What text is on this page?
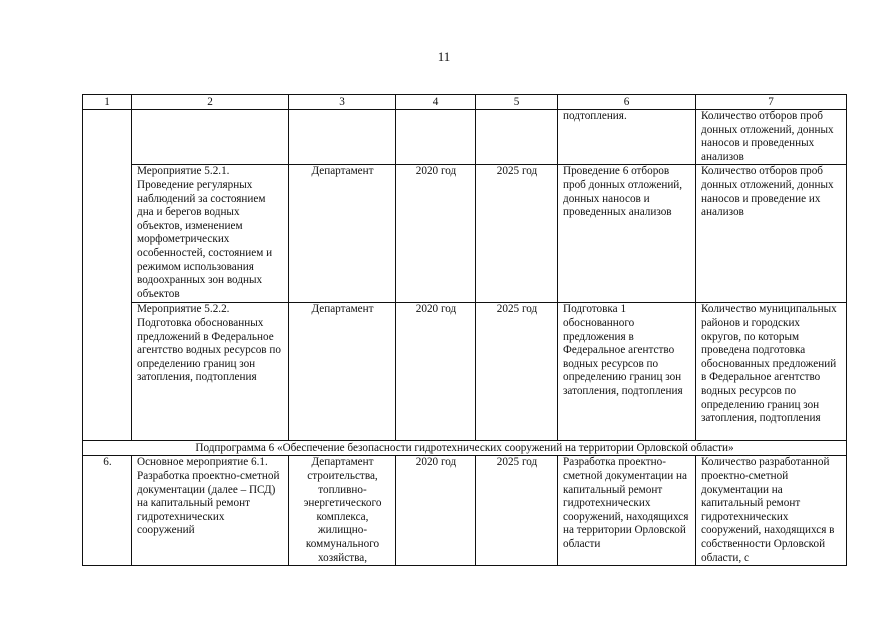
11
1	2	3	4	5	6	7
					подтопления.	Количество отборов проб донных отложений, донных наносов и проведенных анализов
	Мероприятие 5.2.1. Проведение регулярных наблюдений за состоянием дна и берегов водных объектов, изменением морфометрических особенностей, состоянием и режимом использования водоохранных зон водных объектов	Департамент	2020 год	2025 год	Проведение 6 отборов проб донных отложений, донных наносов и проведенных анализов	Количество отборов проб донных отложений, донных наносов и проведение их анализов
	Мероприятие 5.2.2. Подготовка обоснованных предложений в Федеральное агентство водных ресурсов по определению границ зон затопления, подтопления	Департамент	2020 год	2025 год	Подготовка 1 обоснованного предложения в Федеральное агентство водных ресурсов по определению границ зон затопления, подтопления	Количество муниципальных районов и городских округов, по которым проведена подготовка обоснованных предложений в Федеральное агентство водных ресурсов по определению границ зон затопления, подтопления
Подпрограмма 6 «Обеспечение безопасности гидротехнических сооружений на территории Орловской области»						
6.	Основное мероприятие 6.1. Разработка проектно-сметной документации (далее – ПСД) на капитальный ремонт гидротехнических сооружений	Департамент строительства, топливно-энергетического комплекса, жилищно-коммунального хозяйства,	2020 год	2025 год	Разработка проектно-сметной документации на капитальный ремонт гидротехнических сооружений, находящихся на территории Орловской области	Количество разработанной проектно-сметной документации на капитальный ремонт гидротехнических сооружений, находящихся в собственности Орловской области, с
